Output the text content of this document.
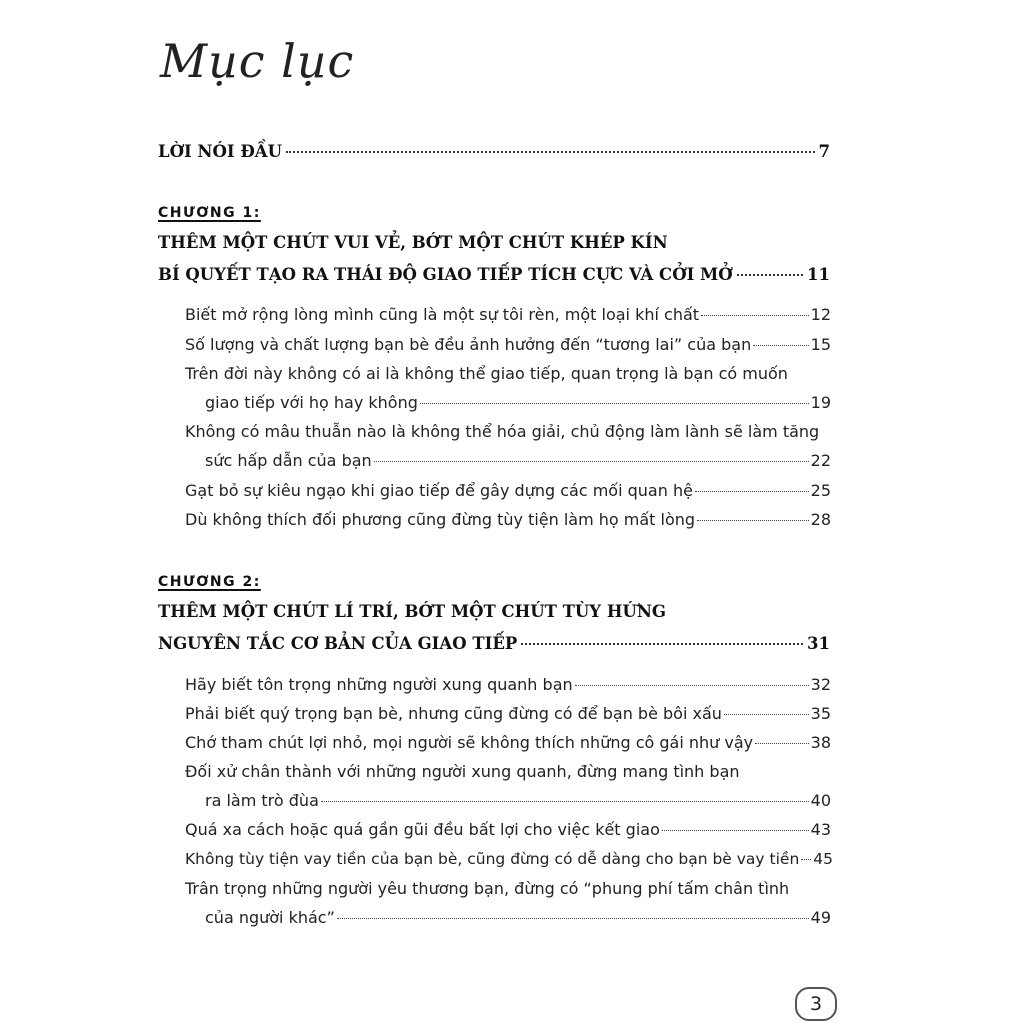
Mục lục
LỜI NÓI ĐẦU	7
CHƯƠNG 1:
THÊM MỘT CHÚT VUI VẺ, BỚT MỘT CHÚT KHÉP KÍN
BÍ QUYẾT TẠO RA THÁI ĐỘ GIAO TIẾP TÍCH CỰC VÀ CỞI MỞ	11
Biết mở rộng lòng mình cũng là một sự tôi rèn, một loại khí chất	12
Số lượng và chất lượng bạn bè đều ảnh hưởng đến “tương lai” của bạn	15
Trên đời này không có ai là không thể giao tiếp, quan trọng là bạn có muốn
giao tiếp với họ hay không	19
Không có mâu thuẫn nào là không thể hóa giải, chủ động làm lành sẽ làm tăng
sức hấp dẫn của bạn	22
Gạt bỏ sự kiêu ngạo khi giao tiếp để gây dựng các mối quan hệ	25
Dù không thích đối phương cũng đừng tùy tiện làm họ mất lòng	28
CHƯƠNG 2:
THÊM MỘT CHÚT LÍ TRÍ, BỚT MỘT CHÚT TÙY HỨNG
NGUYÊN TẮC CƠ BẢN CỦA GIAO TIẾP	31
Hãy biết tôn trọng những người xung quanh bạn	32
Phải biết quý trọng bạn bè, nhưng cũng đừng có để bạn bè bôi xấu	35
Chớ tham chút lợi nhỏ, mọi người sẽ không thích những cô gái như vậy	38
Đối xử chân thành với những người xung quanh, đừng mang tình bạn
ra làm trò đùa	40
Quá xa cách hoặc quá gần gũi đều bất lợi cho việc kết giao	43
Không tùy tiện vay tiền của bạn bè, cũng đừng có dễ dàng cho bạn bè vay tiền 45
Trân trọng những người yêu thương bạn, đừng có “phung phí tấm chân tình
của người khác”	49
3
